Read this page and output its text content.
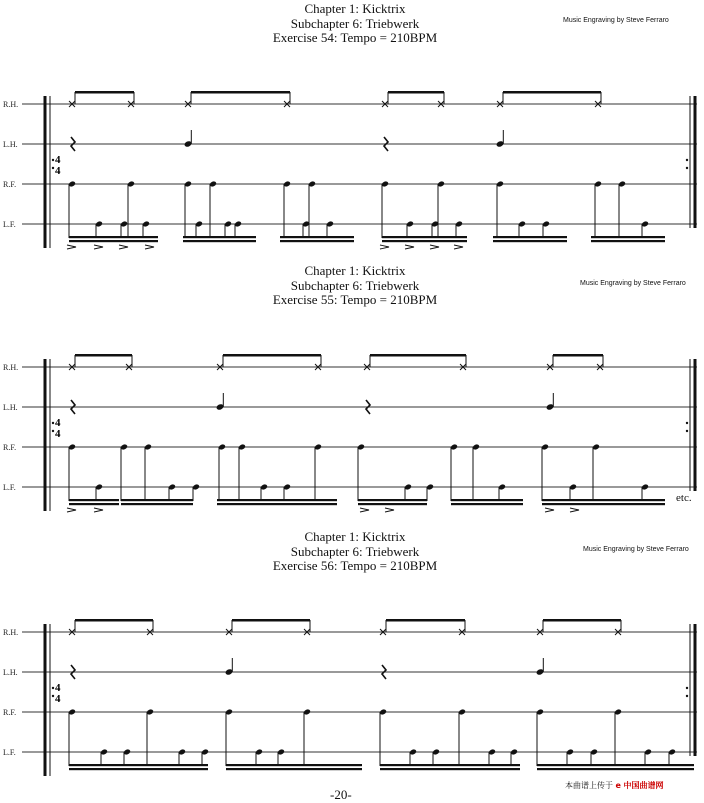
Chapter 1: Kicktrix
Subchapter 6: Triebwerk
Exercise 54: Tempo = 210BPM
Music Engraving by Steve Ferraro
R.H.
L.H.
R.F.
L.F.
4
4
Chapter 1: Kicktrix
Subchapter 6: Triebwerk
Exercise 55: Tempo = 210BPM
Music Engraving by Steve Ferraro
R.H.
L.H.
R.F.
L.F.
4
4
etc.
Chapter 1: Kicktrix
Subchapter 6: Triebwerk
Exercise 56: Tempo = 210BPM
Music Engraving by Steve Ferraro
R.H.
L.H.
R.F.
L.F.
4
4
-20-
本曲谱上传于 e 中国曲谱网
